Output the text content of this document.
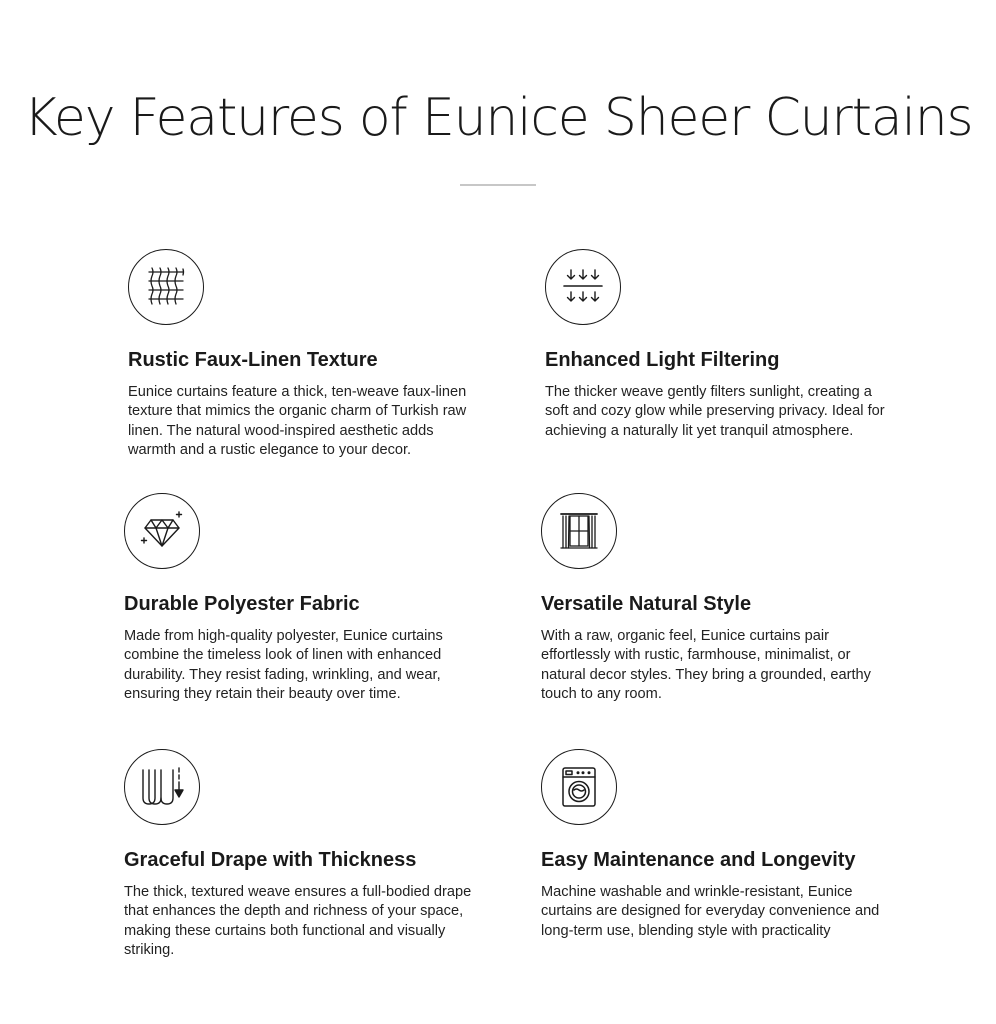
Key Features of Eunice Sheer Curtains
Rustic Faux-Linen Texture
Eunice curtains feature a thick, ten-weave faux-linen texture that mimics the organic charm of Turkish raw linen. The natural wood-inspired aesthetic adds warmth and a rustic elegance to your decor.
Enhanced Light Filtering
The thicker weave gently filters sunlight, creating a soft and cozy glow while preserving privacy. Ideal for achieving a naturally lit yet tranquil atmosphere.
Durable Polyester Fabric
Made from high-quality polyester, Eunice curtains combine the timeless look of linen with enhanced durability. They resist fading, wrinkling, and wear, ensuring they retain their beauty over time.
Versatile Natural Style
With a raw, organic feel, Eunice curtains pair effortlessly with rustic, farmhouse, minimalist, or natural decor styles. They bring a grounded, earthy touch to any room.
Graceful Drape with Thickness
The thick, textured weave ensures a full-bodied drape that enhances the depth and richness of your space, making these curtains both functional and visually striking.
Easy Maintenance and Longevity
Machine washable and wrinkle-resistant, Eunice curtains are designed for everyday convenience and long-term use, blending style with practicality
